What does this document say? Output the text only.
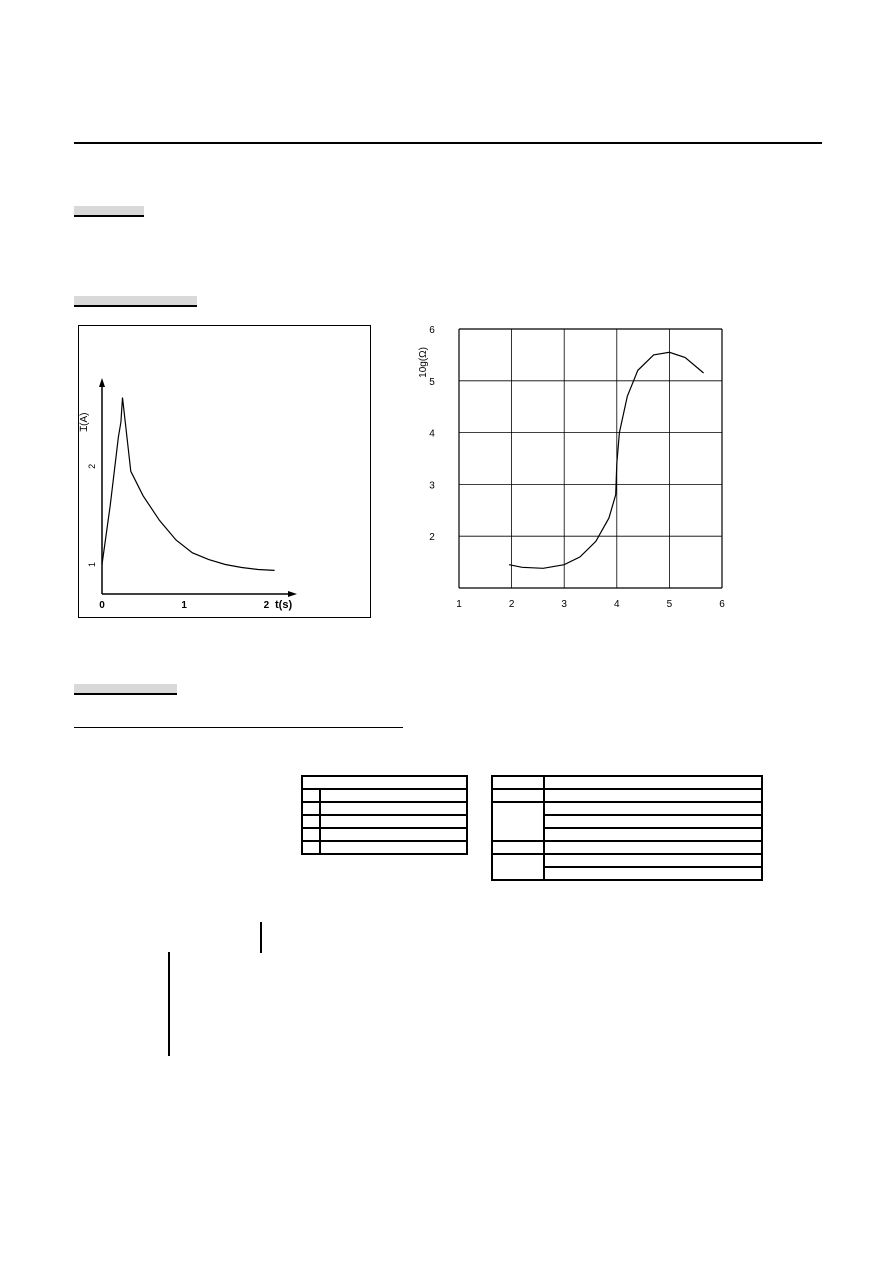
Ɪ(A)
t(s)
0	1	2
1
2
10g(Ω)
1	2	3	4	5	6
2
3
4
5
6
